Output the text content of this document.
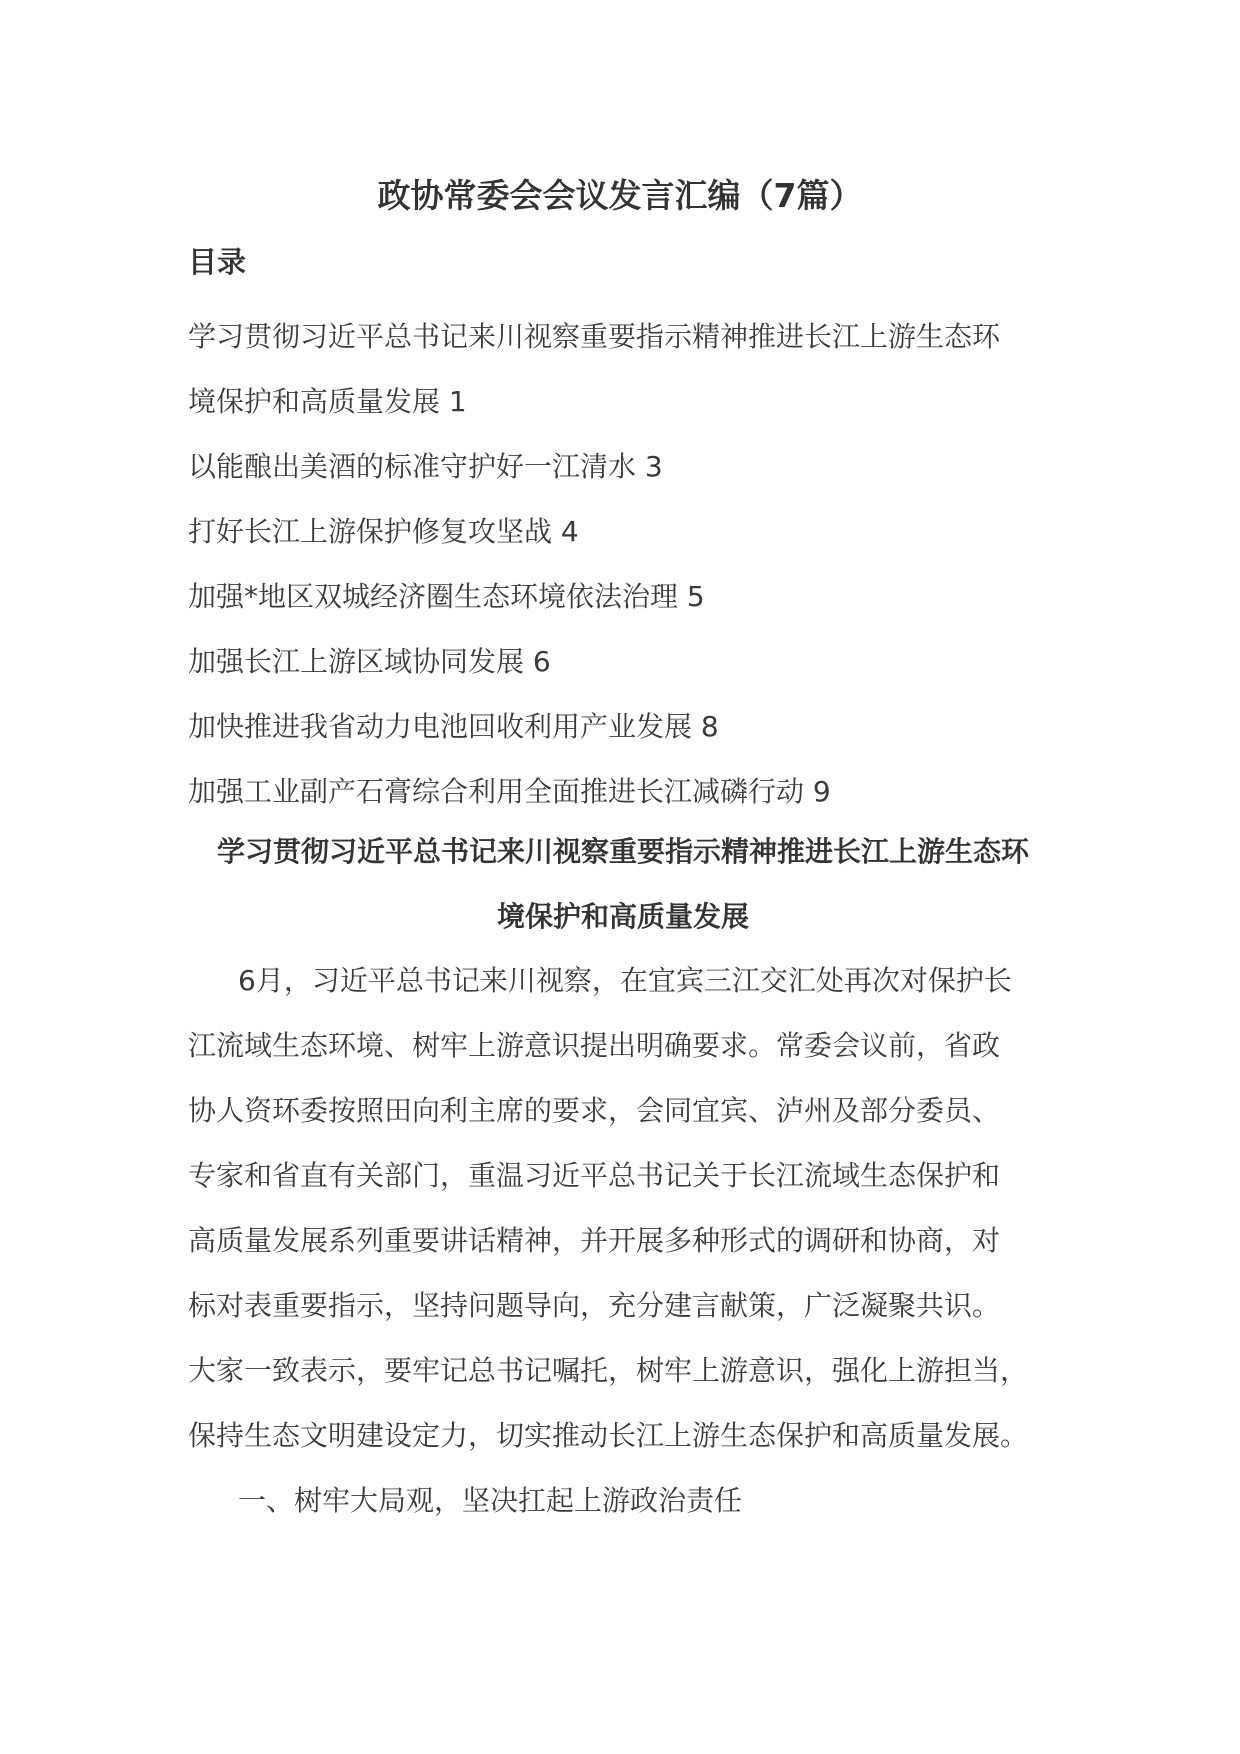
政协常委会会议发言汇编（7篇）
目录
学习贯彻习近平总书记来川视察重要指示精神推进长江上游生态环
境保护和高质量发展 1
以能酿出美酒的标准守护好一江清水 3
打好长江上游保护修复攻坚战 4
加强*地区双城经济圈生态环境依法治理 5
加强长江上游区域协同发展 6
加快推进我省动力电池回收利用产业发展 8
加强工业副产石膏综合利用全面推进长江减磷行动 9
学习贯彻习近平总书记来川视察重要指示精神推进长江上游生态环
境保护和高质量发展
6月，习近平总书记来川视察，在宜宾三江交汇处再次对保护长
江流域生态环境、树牢上游意识提出明确要求。常委会议前，省政
协人资环委按照田向利主席的要求，会同宜宾、泸州及部分委员、
专家和省直有关部门，重温习近平总书记关于长江流域生态保护和
高质量发展系列重要讲话精神，并开展多种形式的调研和协商，对
标对表重要指示，坚持问题导向，充分建言献策，广泛凝聚共识。
大家一致表示，要牢记总书记嘱托，树牢上游意识，强化上游担当，
保持生态文明建设定力，切实推动长江上游生态保护和高质量发展。
一、树牢大局观，坚决扛起上游政治责任
